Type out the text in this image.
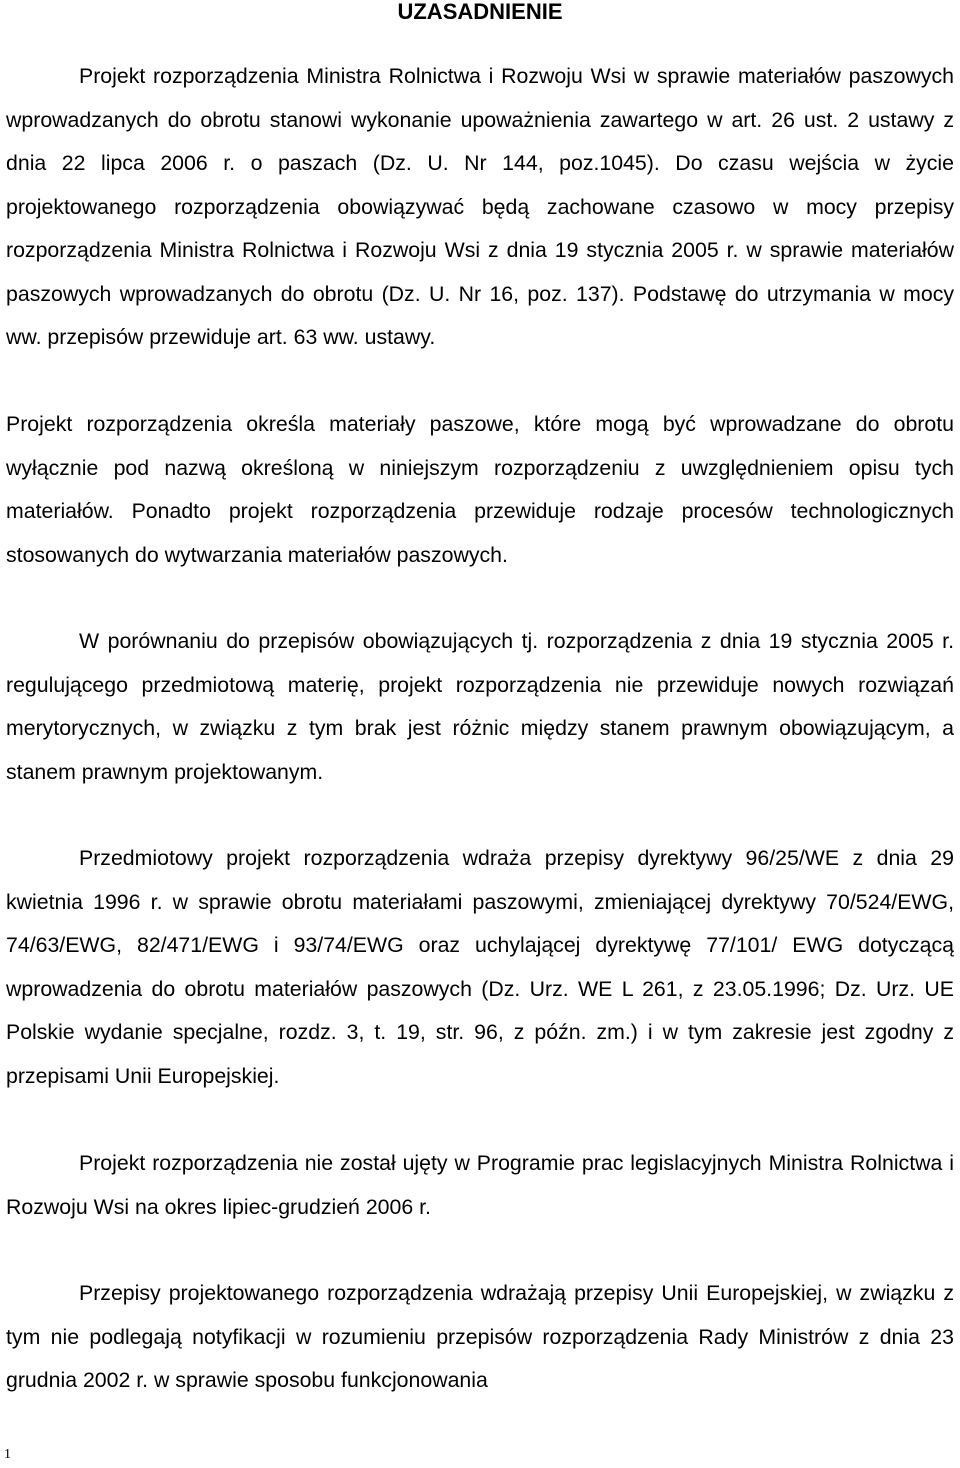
UZASADNIENIE

Projekt rozporządzenia Ministra Rolnictwa i Rozwoju Wsi w sprawie materiałów paszowych wprowadzanych do obrotu stanowi wykonanie upoważnienia zawartego w art. 26 ust. 2 ustawy z dnia 22 lipca 2006 r. o paszach (Dz. U. Nr 144, poz.1045). Do czasu wejścia w życie projektowanego rozporządzenia obowiązywać będą zachowane czasowo w mocy przepisy rozporządzenia Ministra Rolnictwa i Rozwoju Wsi z dnia 19 stycznia 2005 r. w sprawie materiałów paszowych wprowadzanych do obrotu (Dz. U. Nr 16, poz. 137). Podstawę do utrzymania w mocy ww. przepisów przewiduje art. 63 ww. ustawy.

Projekt rozporządzenia określa materiały paszowe, które mogą być wprowadzane do obrotu wyłącznie pod nazwą określoną w niniejszym rozporządzeniu z uwzględnieniem opisu tych materiałów. Ponadto projekt rozporządzenia przewiduje rodzaje procesów technologicznych stosowanych do wytwarzania materiałów paszowych.

W porównaniu do przepisów obowiązujących tj. rozporządzenia z dnia 19 stycznia 2005 r. regulującego przedmiotową materię, projekt rozporządzenia nie przewiduje nowych rozwiązań merytorycznych, w związku z tym brak jest różnic między stanem prawnym obowiązującym, a stanem prawnym projektowanym.

Przedmiotowy projekt rozporządzenia wdraża przepisy dyrektywy 96/25/WE z dnia 29 kwietnia 1996 r. w sprawie obrotu materiałami paszowymi, zmieniającej dyrektywy 70/524/EWG, 74/63/EWG, 82/471/EWG i 93/74/EWG oraz uchylającej dyrektywę 77/101/ EWG dotyczącą wprowadzenia do obrotu materiałów paszowych (Dz. Urz. WE L 261, z 23.05.1996; Dz. Urz. UE Polskie wydanie specjalne, rozdz. 3, t. 19, str. 96, z późn. zm.) i w tym zakresie jest zgodny z przepisami Unii Europejskiej.

Projekt rozporządzenia nie został ujęty w Programie prac legislacyjnych Ministra Rolnictwa i Rozwoju Wsi na okres lipiec-grudzień 2006 r.

Przepisy projektowanego rozporządzenia wdrażają przepisy Unii Europejskiej, w związku z tym nie podlegają notyfikacji w rozumieniu przepisów rozporządzenia Rady Ministrów z dnia 23 grudnia 2002 r. w sprawie sposobu funkcjonowania

1
